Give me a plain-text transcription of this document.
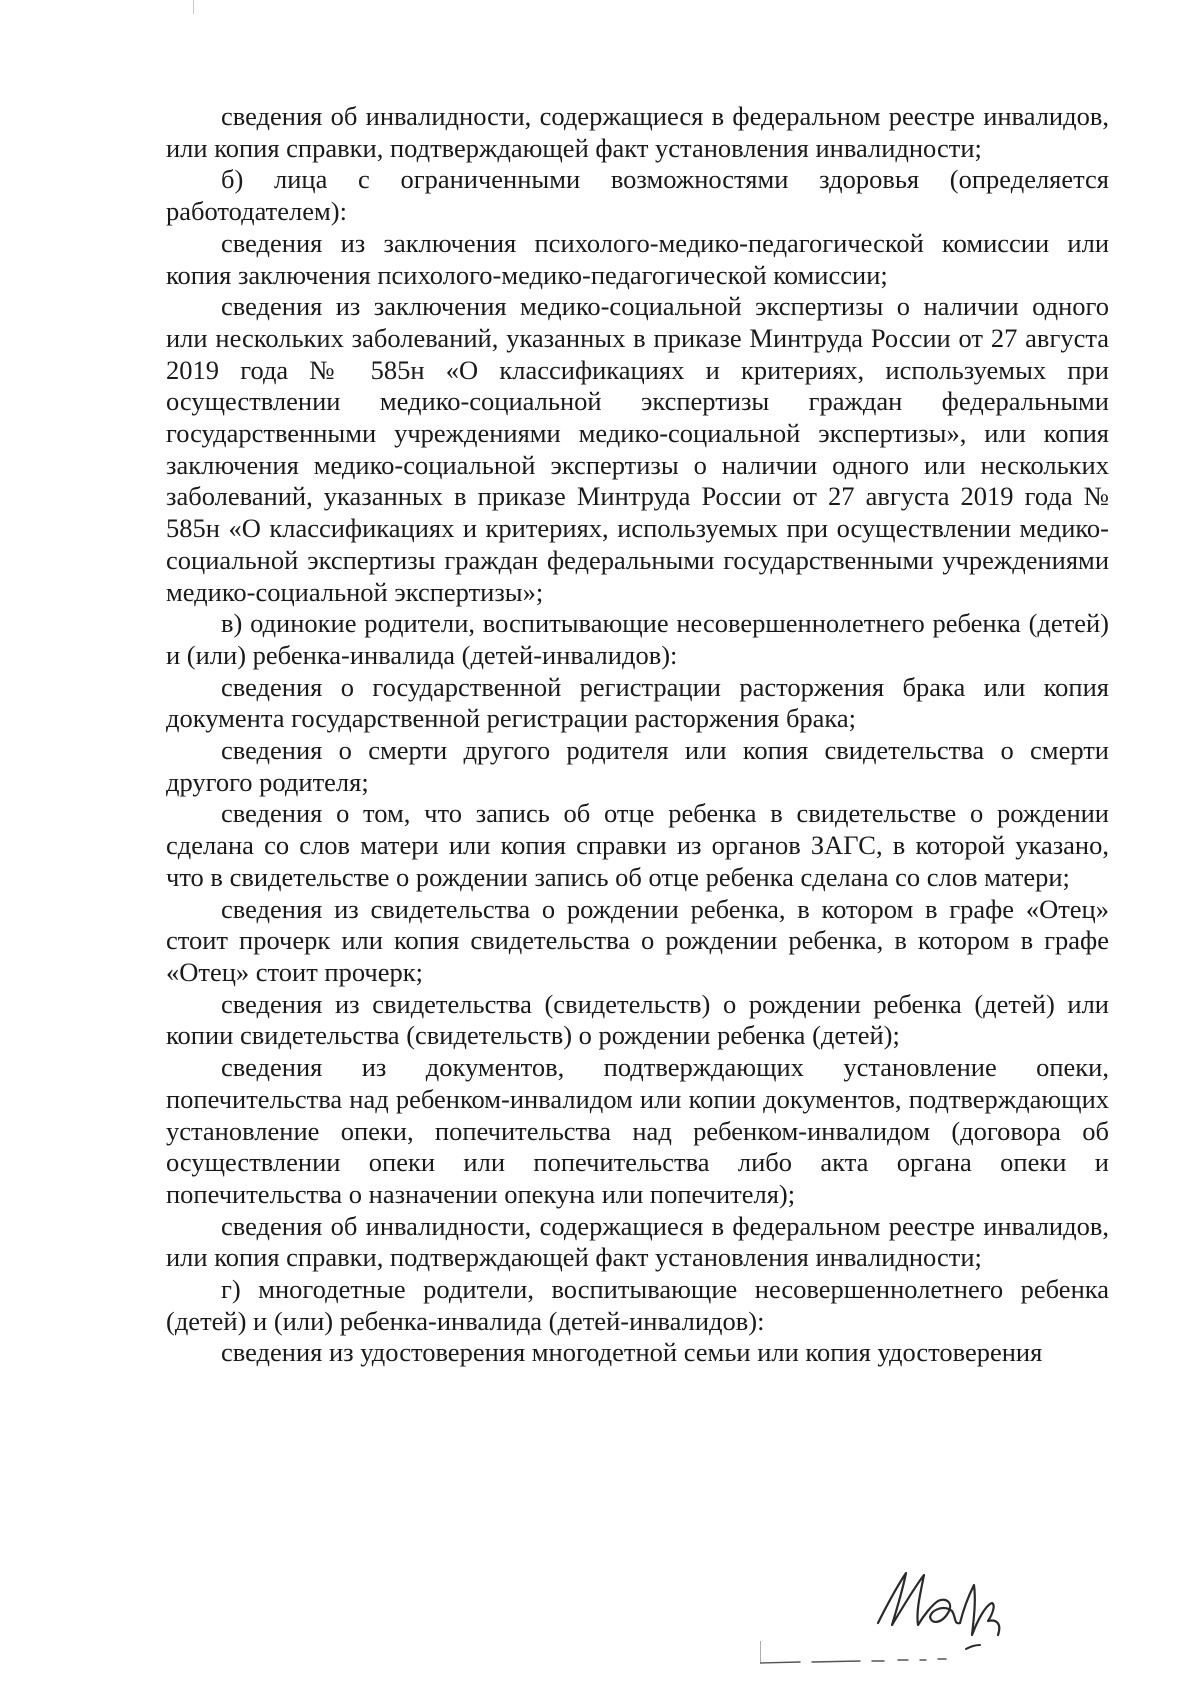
сведения об инвалидности, содержащиеся в федеральном реестре инвалидов, или копия справки, подтверждающей факт установления инвалидности;

б) лица с ограниченными возможностями здоровья (определяется работодателем):

сведения из заключения психолого-медико-педагогической комиссии или копия заключения психолого-медико-педагогической комиссии;

сведения из заключения медико-социальной экспертизы о наличии одного или нескольких заболеваний, указанных в приказе Минтруда России от 27 августа 2019 года № 585н «О классификациях и критериях, используемых при осуществлении медико-социальной экспертизы граждан федеральными государственными учреждениями медико-социальной экспертизы», или копия заключения медико-социальной экспертизы о наличии одного или нескольких заболеваний, указанных в приказе Минтруда России от 27 августа 2019 года № 585н «О классификациях и критериях, используемых при осуществлении медико-социальной экспертизы граждан федеральными государственными учреждениями медико-социальной экспертизы»;

в) одинокие родители, воспитывающие несовершеннолетнего ребенка (детей) и (или) ребенка-инвалида (детей-инвалидов):

сведения о государственной регистрации расторжения брака или копия документа государственной регистрации расторжения брака;

сведения о смерти другого родителя или копия свидетельства о смерти другого родителя;

сведения о том, что запись об отце ребенка в свидетельстве о рождении сделана со слов матери или копия справки из органов ЗАГС, в которой указано, что в свидетельстве о рождении запись об отце ребенка сделана со слов матери;

сведения из свидетельства о рождении ребенка, в котором в графе «Отец» стоит прочерк или копия свидетельства о рождении ребенка, в котором в графе «Отец» стоит прочерк;

сведения из свидетельства (свидетельств) о рождении ребенка (детей) или копии свидетельства (свидетельств) о рождении ребенка (детей);

сведения из документов, подтверждающих установление опеки, попечительства над ребенком-инвалидом или копии документов, подтверждающих установление опеки, попечительства над ребенком-инвалидом (договора об осуществлении опеки или попечительства либо акта органа опеки и попечительства о назначении опекуна или попечителя);

сведения об инвалидности, содержащиеся в федеральном реестре инвалидов, или копия справки, подтверждающей факт установления инвалидности;

г) многодетные родители, воспитывающие несовершеннолетнего ребенка (детей) и (или) ребенка-инвалида (детей-инвалидов):

сведения из удостоверения многодетной семьи или копия удостоверения
